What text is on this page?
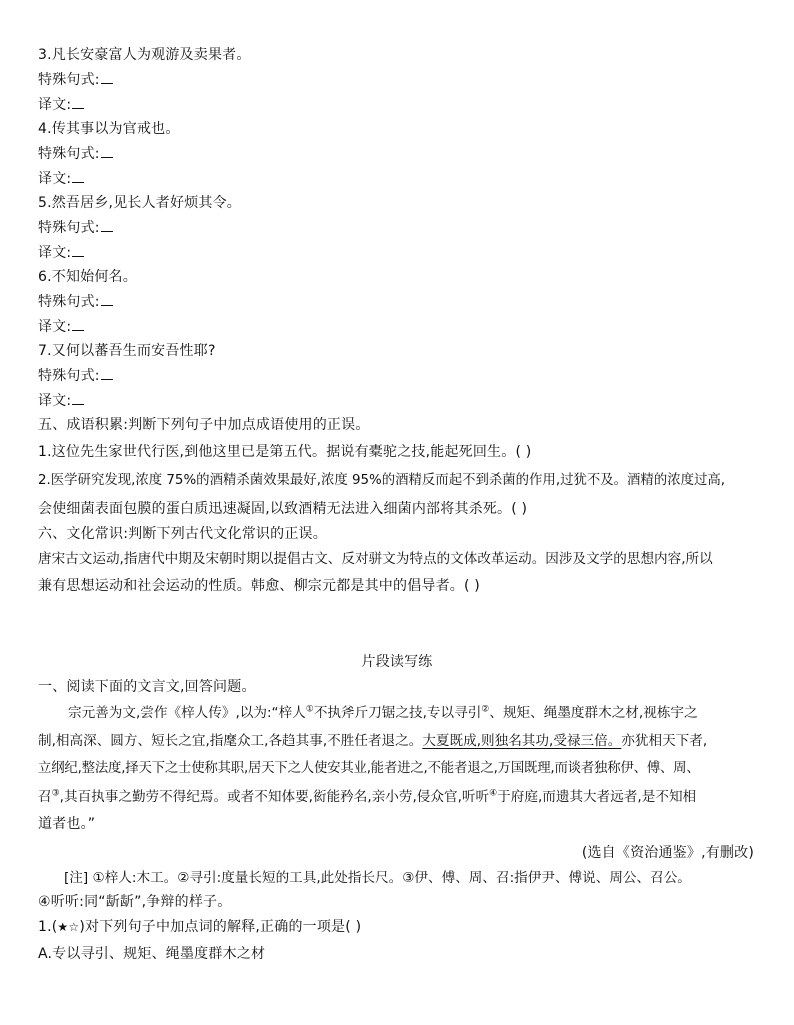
3.凡长安豪富人为观游及卖果者。
特殊句式:
译文:
4.传其事以为官戒也。
特殊句式:
译文:
5.然吾居乡,见长人者好烦其令。
特殊句式:
译文:
6.不知始何名。
特殊句式:
译文:
7.又何以蕃吾生而安吾性耶?
特殊句式:
译文:
五、成语积累:判断下列句子中加点成语使用的正误。
1.这位先生家世代行医,到他这里已是第五代。据说有橐驼之技,能起死回生。( )
2.医学研究发现,浓度 75%的酒精杀菌效果最好,浓度 95%的酒精反而起不到杀菌的作用,过犹不及。酒精的浓度过高,
会使细菌表面包膜的蛋白质迅速凝固,以致酒精无法进入细菌内部将其杀死。( )
六、文化常识:判断下列古代文化常识的正误。
唐宋古文运动,指唐代中期及宋朝时期以提倡古文、反对骈文为特点的文体改革运动。因涉及文学的思想内容,所以
兼有思想运动和社会运动的性质。韩愈、柳宗元都是其中的倡导者。( )
片段读写练
一、阅读下面的文言文,回答问题。
宗元善为文,尝作《梓人传》,以为:“梓人①不执斧斤刀锯之技,专以寻引②、规矩、绳墨度群木之材,视栋宇之
制,相高深、圆方、短长之宜,指麾众工,各趋其事,不胜任者退之。大夏既成,则独名其功,受禄三倍。亦犹相天下者,
立纲纪,整法度,择天下之士使称其职,居天下之人使安其业,能者进之,不能者退之,万国既理,而谈者独称伊、傅、周、
召③,其百执事之勤劳不得纪焉。或者不知体要,衒能矜名,亲小劳,侵众官,听听④于府庭,而遗其大者远者,是不知相
道者也。”
(选自《资治通鉴》,有删改)
[注] ①梓人:木工。②寻引:度量长短的工具,此处指长尺。③伊、傅、周、召:指伊尹、傅说、周公、召公。
④听听:同“龂龂”,争辩的样子。
1.(★☆)对下列句子中加点词的解释,正确的一项是( )
A.专以寻引、规矩、绳墨度群木之材
